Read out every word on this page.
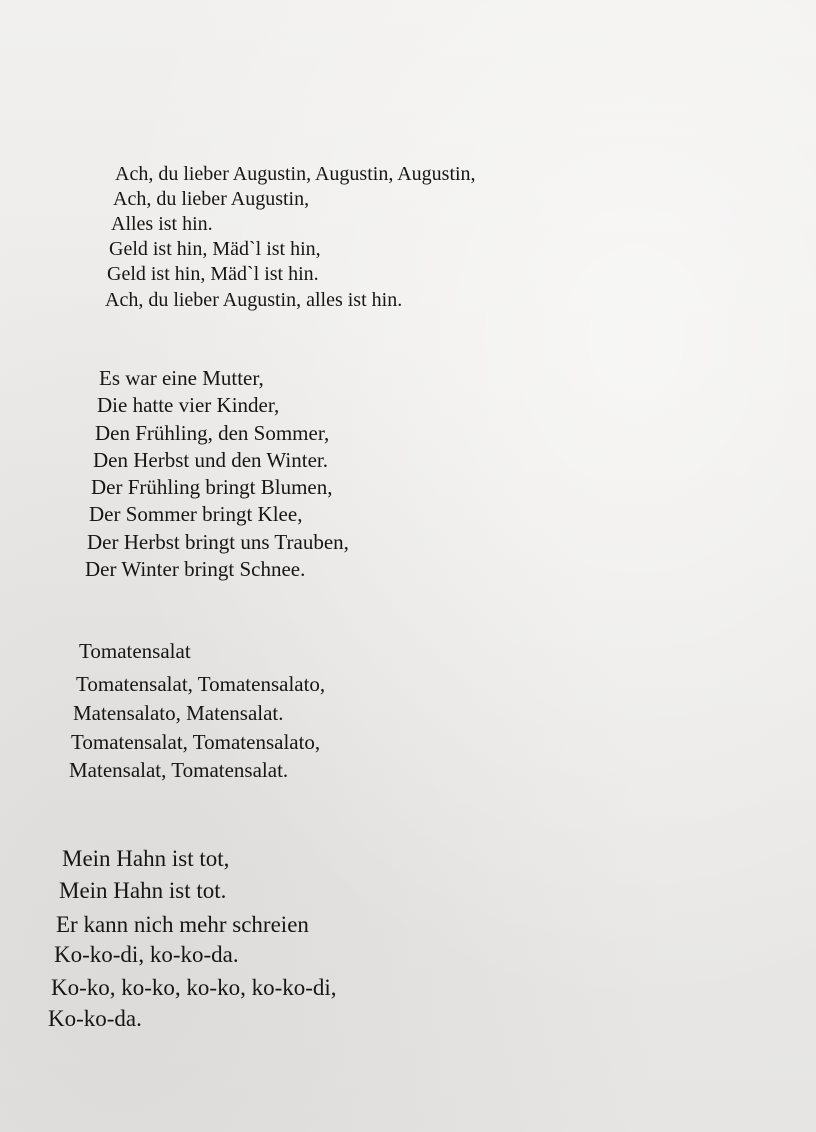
Ach, du lieber Augustin, Augustin, Augustin,
Ach, du lieber Augustin,
Alles ist hin.
Geld ist hin, Mäd`l ist hin,
Geld ist hin, Mäd`l ist hin.
Ach, du lieber Augustin, alles ist hin.
Es war eine Mutter,
Die hatte vier Kinder,
Den Frühling, den Sommer,
Den Herbst und den Winter.
Der Frühling bringt Blumen,
Der Sommer bringt Klee,
Der Herbst bringt uns Trauben,
Der Winter bringt Schnee.
Tomatensalat
Tomatensalat, Tomatensalato,
Matensalato, Matensalat.
Tomatensalat, Tomatensalato,
Matensalat, Tomatensalat.
Mein Hahn ist tot,
Mein Hahn ist tot.
Er kann nich mehr schreien
Ko-ko-di, ko-ko-da.
Ko-ko, ko-ko, ko-ko, ko-ko-di,
Ko-ko-da.
